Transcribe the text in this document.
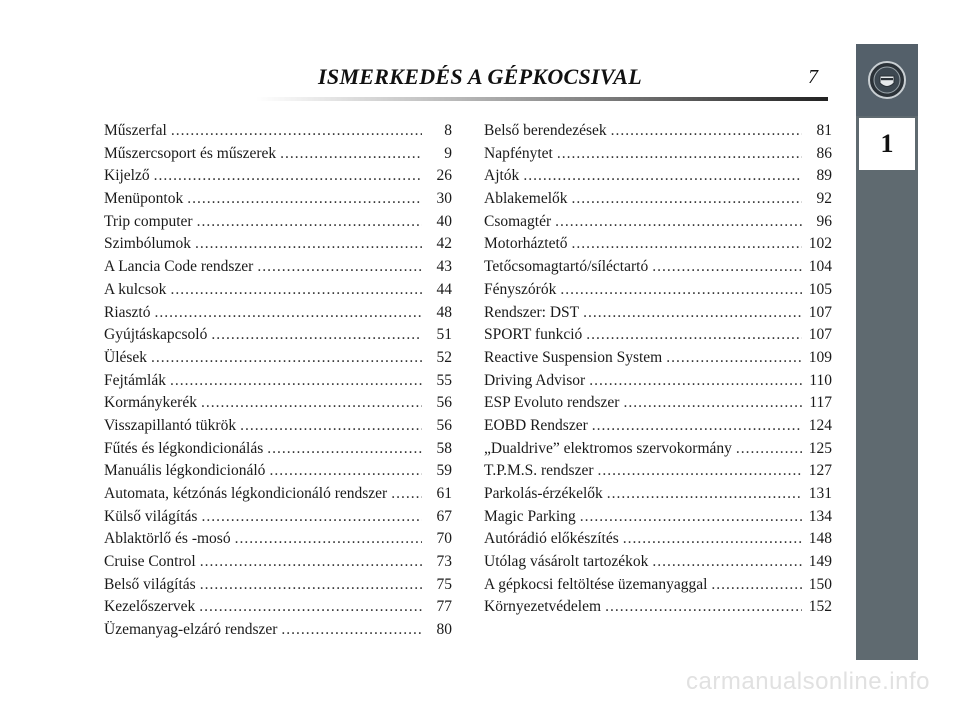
ISMERKEDÉS A GÉPKOCSIVAL	7
1
Műszerfal .....	8
Műszercsoport és műszerek .....	9
Kijelző .....	26
Menüpontok .....	30
Trip computer .....	40
Szimbólumok .....	42
A Lancia Code rendszer .....	43
A kulcsok .....	44
Riasztó .....	48
Gyújtáskapcsoló .....	51
Ülések .....	52
Fejtámlák .....	55
Kormánykerék .....	56
Visszapillantó tükrök .....	56
Fűtés és légkondicionálás .....	58
Manuális légkondicionáló .....	59
Automata, kétzónás légkondicionáló rendszer .....	61
Külső világítás .....	67
Ablaktörlő és -mosó .....	70
Cruise Control .....	73
Belső világítás .....	75
Kezelőszervek .....	77
Üzemanyag-elzáró rendszer .....	80
Belső berendezések .....	81
Napfénytet .....	86
Ajtók .....	89
Ablakemelők .....	92
Csomagtér .....	96
Motorháztető .....	102
Tetőcsomagtartó/síléctartó .....	104
Fényszórók .....	105
Rendszer: DST .....	107
SPORT funkció .....	107
Reactive Suspension System .....	109
Driving Advisor .....	110
ESP Evoluto rendszer .....	117
EOBD Rendszer .....	124
„Dualdrive” elektromos szervokormány .....	125
T.P.M.S. rendszer .....	127
Parkolás-érzékelők .....	131
Magic Parking .....	134
Autórádió előkészítés .....	148
Utólag vásárolt tartozékok .....	149
A gépkocsi feltöltése üzemanyaggal .....	150
Környezetvédelem .....	152
carmanualsonline.info
